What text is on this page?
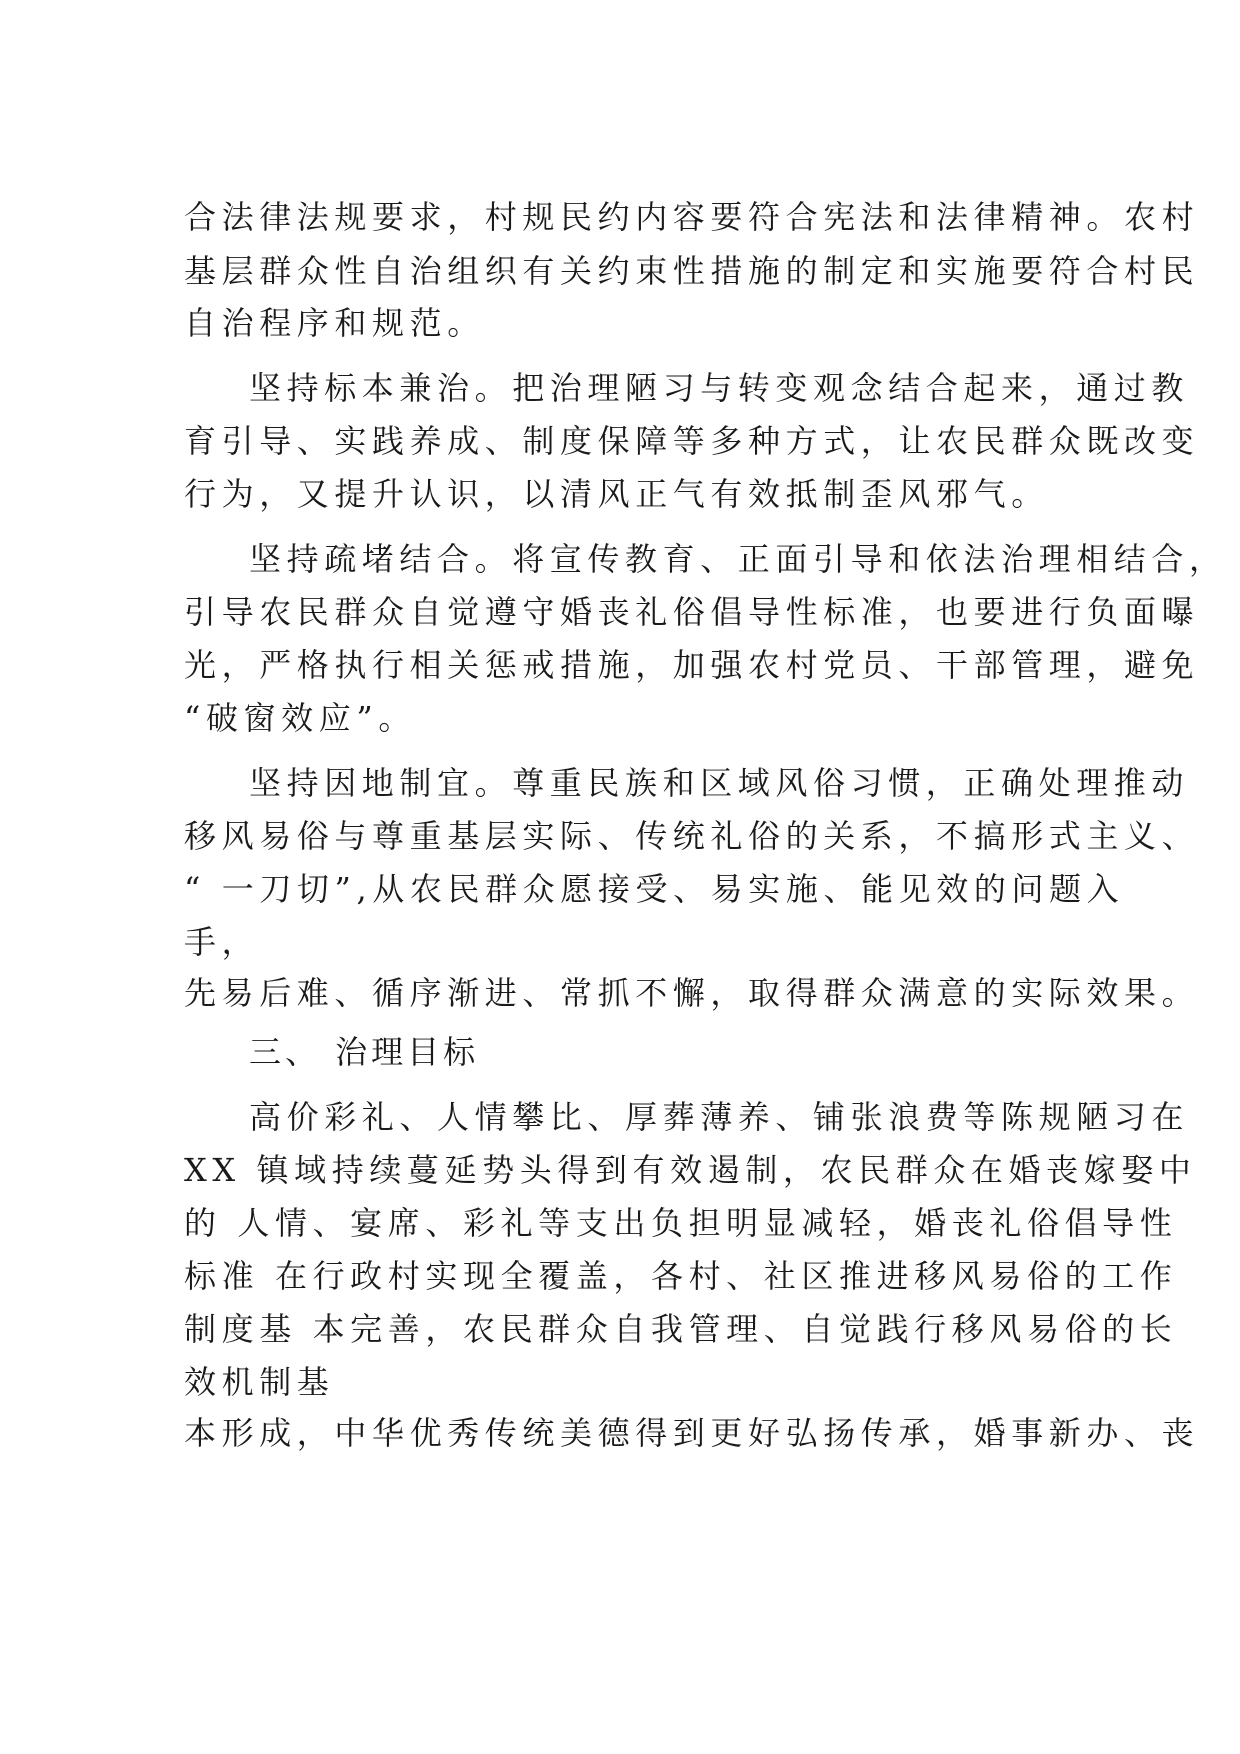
合法律法规要求，村规民约内容要符合宪法和法律精神。农村
基层群众性自治组织有关约束性措施的制定和实施要符合村民
自治程序和规范。
坚持标本兼治。把治理陋习与转变观念结合起来，通过教
育引导、实践养成、制度保障等多种方式，让农民群众既改变
行为，又提升认识，以清风正气有效抵制歪风邪气。
坚持疏堵结合。将宣传教育、正面引导和依法治理相结合，
引导农民群众自觉遵守婚丧礼俗倡导性标准，也要进行负面曝
光，严格执行相关惩戒措施，加强农村党员、干部管理，避免
“破窗效应”。
坚持因地制宜。尊重民族和区域风俗习惯，正确处理推动
移风易俗与尊重基层实际、传统礼俗的关系，不搞形式主义、
“ 一刀切”,从农民群众愿接受、易实施、能见效的问题入
手，
先易后难、循序渐进、常抓不懈，取得群众满意的实际效果。
三、 治理目标
高价彩礼、人情攀比、厚葬薄养、铺张浪费等陈规陋习在
XX 镇域持续蔓延势头得到有效遏制，农民群众在婚丧嫁娶中
的 人情、宴席、彩礼等支出负担明显减轻，婚丧礼俗倡导性
标准 在行政村实现全覆盖，各村、社区推进移风易俗的工作
制度基 本完善，农民群众自我管理、自觉践行移风易俗的长
效机制基
本形成，中华优秀传统美德得到更好弘扬传承，婚事新办、丧
